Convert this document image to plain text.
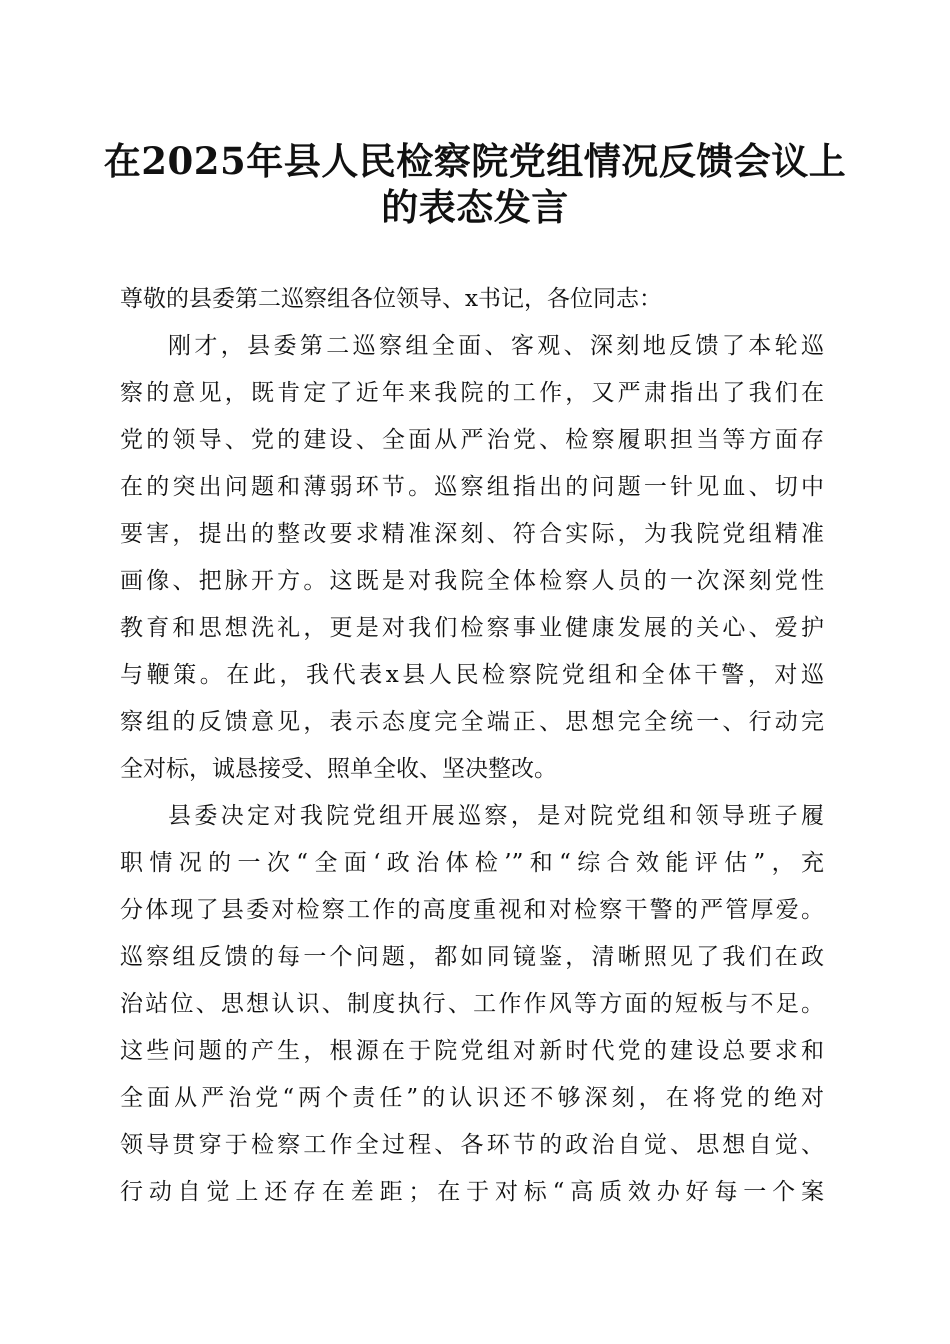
在2025年县人民检察院党组情况反馈会议上
的表态发言
尊敬的县委第二巡察组各位领导、x书记，各位同志：
刚才，县委第二巡察组全面、客观、深刻地反馈了本轮巡
察的意见，既肯定了近年来我院的工作，又严肃指出了我们在
党的领导、党的建设、全面从严治党、检察履职担当等方面存
在的突出问题和薄弱环节。巡察组指出的问题一针见血、切中
要害，提出的整改要求精准深刻、符合实际，为我院党组精准
画像、把脉开方。这既是对我院全体检察人员的一次深刻党性
教育和思想洗礼，更是对我们检察事业健康发展的关心、爱护
与鞭策。在此，我代表x县人民检察院党组和全体干警，对巡
察组的反馈意见，表示态度完全端正、思想完全统一、行动完
全对标，诚恳接受、照单全收、坚决整改。
县委决定对我院党组开展巡察，是对院党组和领导班子履
职情况的一次“全面‘政治体检’”和“综合效能评估”，充
分体现了县委对检察工作的高度重视和对检察干警的严管厚爱。
巡察组反馈的每一个问题，都如同镜鉴，清晰照见了我们在政
治站位、思想认识、制度执行、工作作风等方面的短板与不足。
这些问题的产生，根源在于院党组对新时代党的建设总要求和
全面从严治党“两个责任”的认识还不够深刻，在将党的绝对
领导贯穿于检察工作全过程、各环节的政治自觉、思想自觉、
行动自觉上还存在差距；在于对标“高质效办好每一个案
